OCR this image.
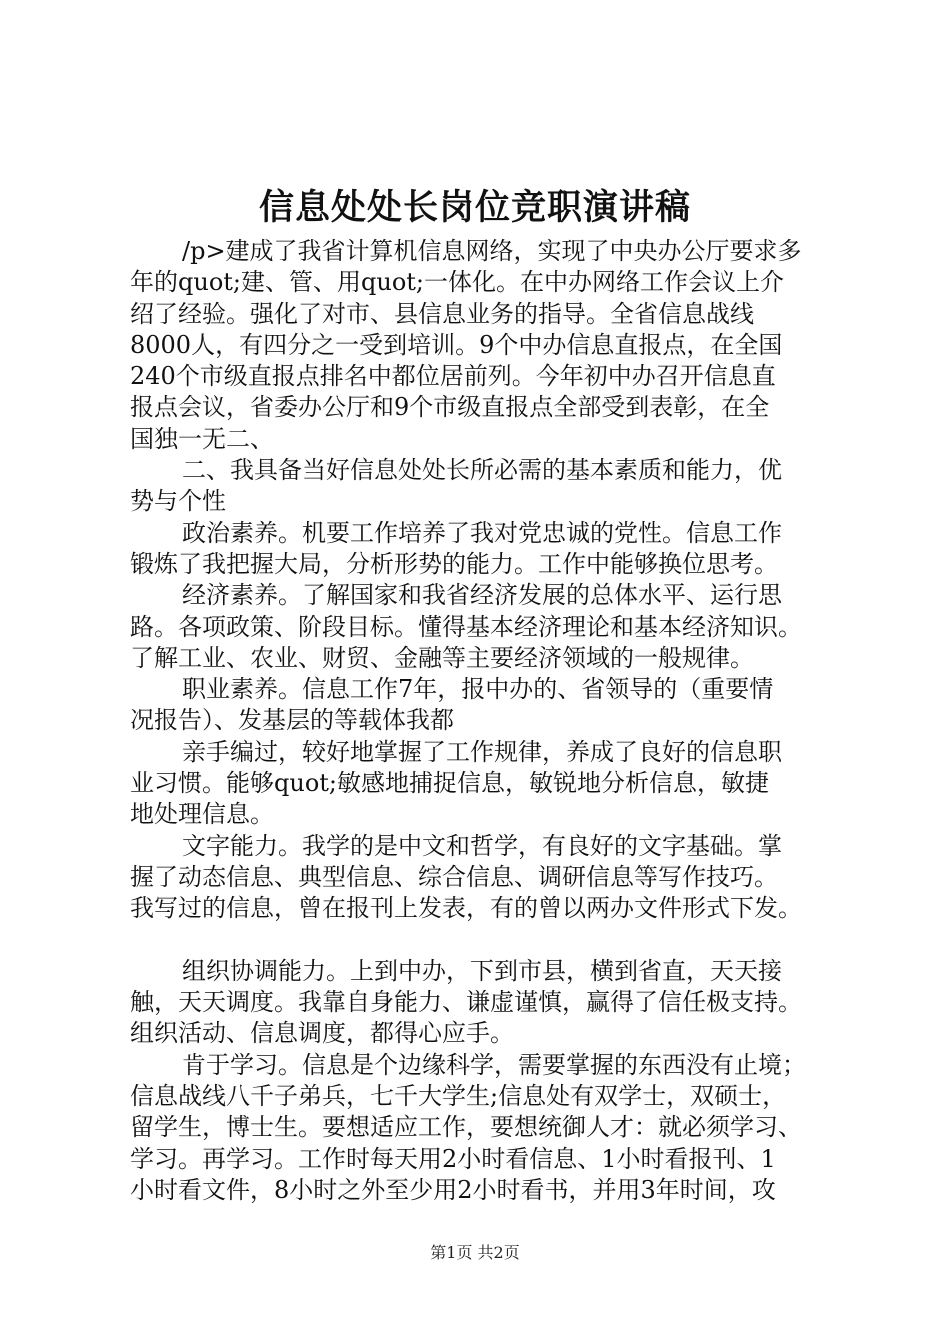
信息处处长岗位竞职演讲稿
/p>建成了我省计算机信息网络，实现了中央办公厅要求多
年的quot;建、管、用quot;一体化。在中办网络工作会议上介
绍了经验。强化了对市、县信息业务的指导。全省信息战线
8000人，有四分之一受到培训。9个中办信息直报点，在全国
240个市级直报点排名中都位居前列。今年初中办召开信息直
报点会议，省委办公厅和9个市级直报点全部受到表彰，在全
国独一无二、
二、我具备当好信息处处长所必需的基本素质和能力，优
势与个性
政治素养。机要工作培养了我对党忠诚的党性。信息工作
锻炼了我把握大局，分析形势的能力。工作中能够换位思考。
经济素养。了解国家和我省经济发展的总体水平、运行思
路。各项政策、阶段目标。懂得基本经济理论和基本经济知识。
了解工业、农业、财贸、金融等主要经济领域的一般规律。
职业素养。信息工作7年，报中办的、省领导的（重要情
况报告）、发基层的等载体我都
亲手编过，较好地掌握了工作规律，养成了良好的信息职
业习惯。能够quot;敏感地捕捉信息，敏锐地分析信息，敏捷
地处理信息。
文字能力。我学的是中文和哲学，有良好的文字基础。掌
握了动态信息、典型信息、综合信息、调研信息等写作技巧。
我写过的信息，曾在报刊上发表，有的曾以两办文件形式下发。
组织协调能力。上到中办，下到市县，横到省直，天天接
触，天天调度。我靠自身能力、谦虚谨慎，赢得了信任极支持。
组织活动、信息调度，都得心应手。
肯于学习。信息是个边缘科学，需要掌握的东西没有止境；
信息战线八千子弟兵，七千大学生;信息处有双学士，双硕士，
留学生，博士生。要想适应工作，要想统御人才：就必须学习、
学习。再学习。工作时每天用2小时看信息、1小时看报刊、1
小时看文件，8小时之外至少用2小时看书，并用3年时间，攻
第1页 共2页
